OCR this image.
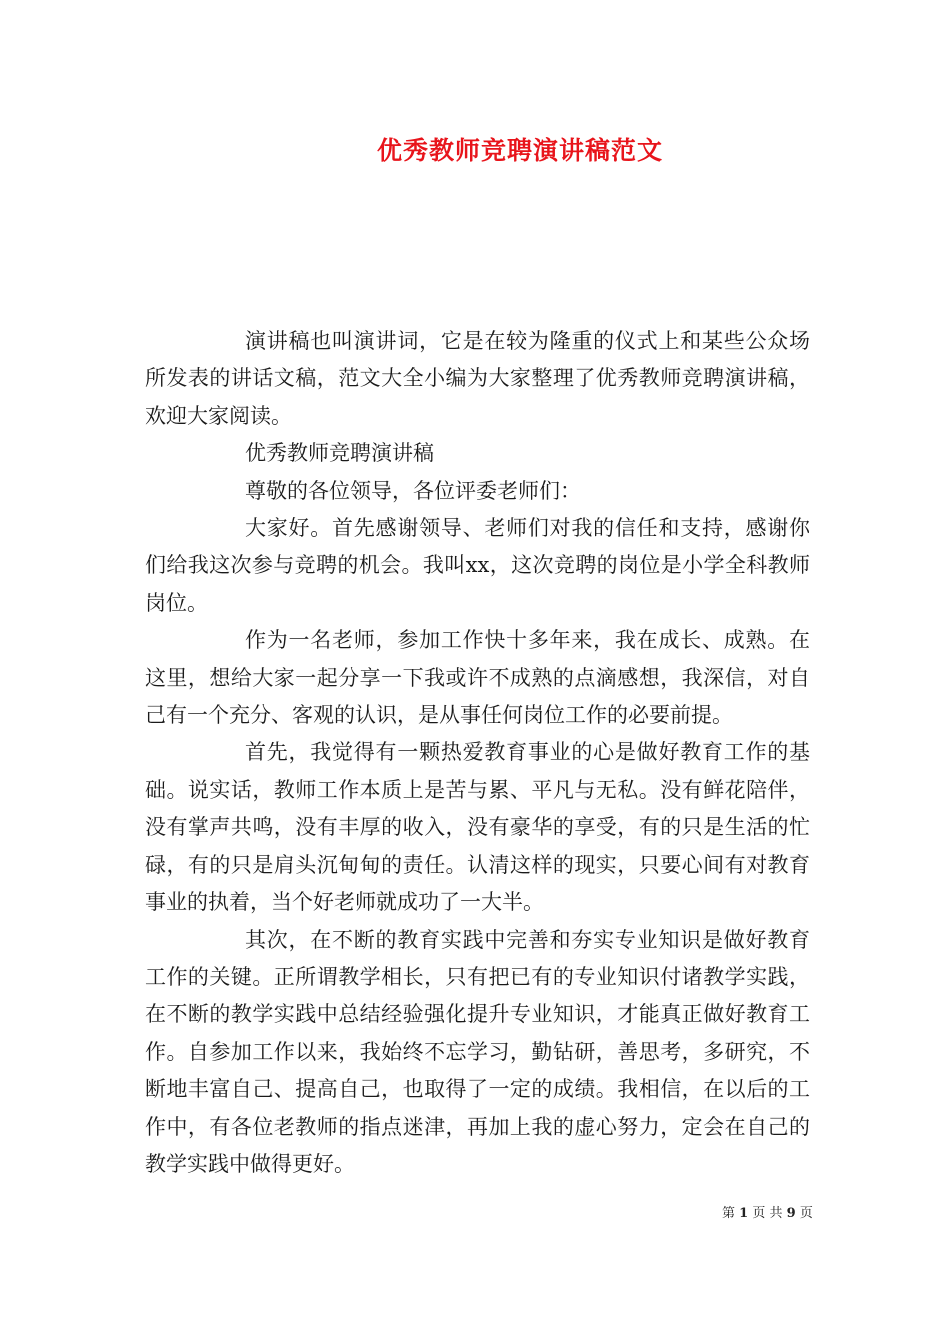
优秀教师竞聘演讲稿范文

演讲稿也叫演讲词，它是在较为隆重的仪式上和某些公众场所发表的讲话文稿，范文大全小编为大家整理了优秀教师竞聘演讲稿，欢迎大家阅读。

优秀教师竞聘演讲稿

尊敬的各位领导，各位评委老师们：

大家好。首先感谢领导、老师们对我的信任和支持，感谢你们给我这次参与竞聘的机会。我叫xx，这次竞聘的岗位是小学全科教师岗位。

作为一名老师，参加工作快十多年来，我在成长、成熟。在这里，想给大家一起分享一下我或许不成熟的点滴感想，我深信，对自己有一个充分、客观的认识，是从事任何岗位工作的必要前提。

首先，我觉得有一颗热爱教育事业的心是做好教育工作的基础。说实话，教师工作本质上是苦与累、平凡与无私。没有鲜花陪伴，没有掌声共鸣，没有丰厚的收入，没有豪华的享受，有的只是生活的忙碌，有的只是肩头沉甸甸的责任。认清这样的现实，只要心间有对教育事业的执着，当个好老师就成功了一大半。

其次，在不断的教育实践中完善和夯实专业知识是做好教育工作的关键。正所谓教学相长，只有把已有的专业知识付诸教学实践，在不断的教学实践中总结经验强化提升专业知识，才能真正做好教育工作。自参加工作以来，我始终不忘学习，勤钻研，善思考，多研究，不断地丰富自己、提高自己，也取得了一定的成绩。我相信，在以后的工作中，有各位老教师的指点迷津，再加上我的虚心努力，定会在自己的教学实践中做得更好。

第 1 页 共 9 页
